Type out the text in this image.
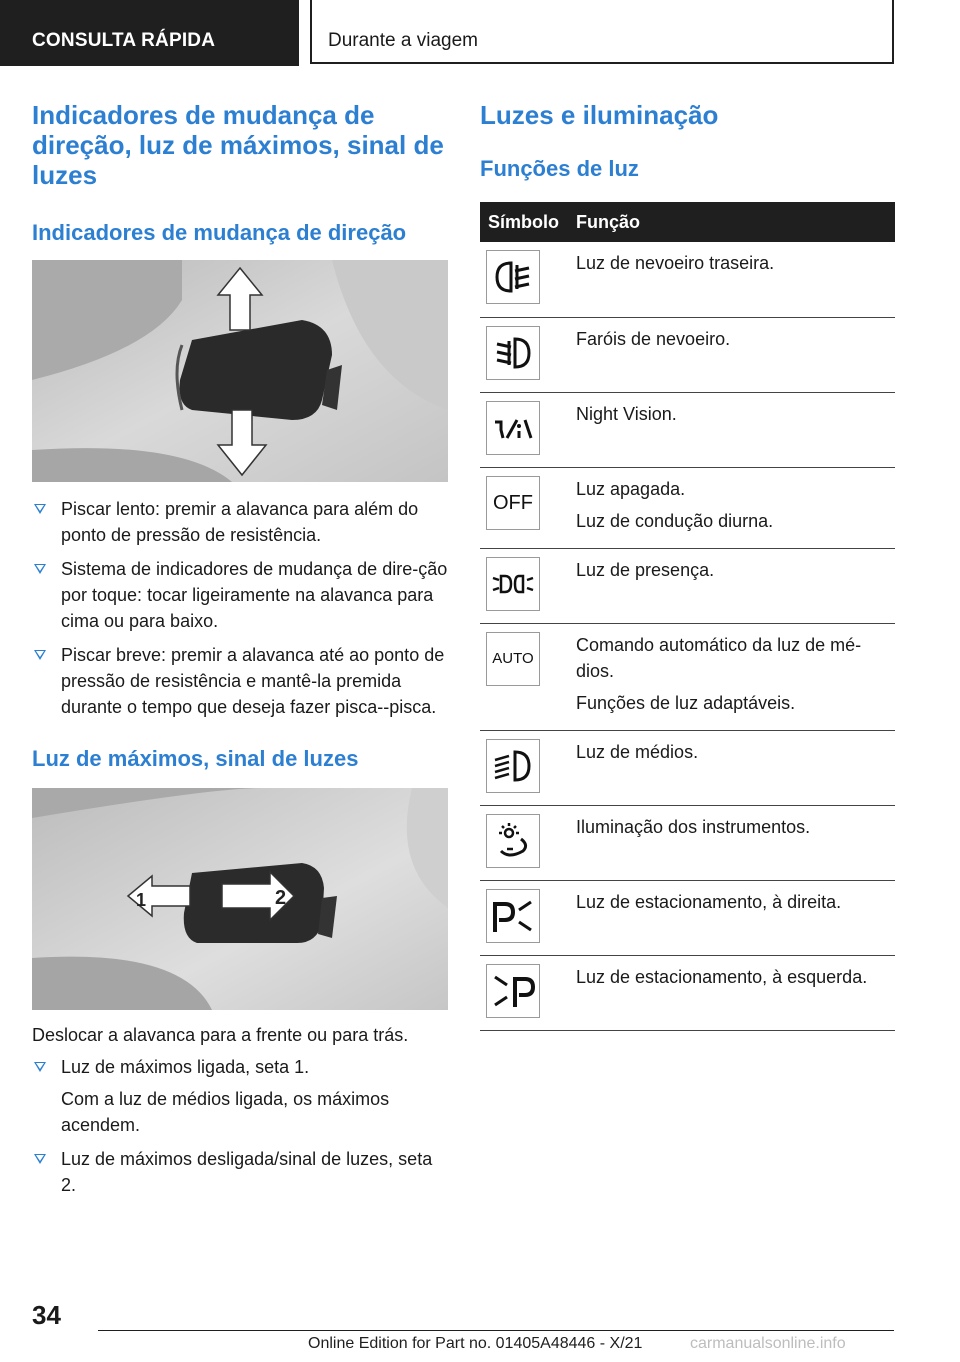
CONSULTA RÁPIDA	Durante a viagem
Indicadores de mudança de direção, luz de máximos, sinal de luzes
Indicadores de mudança de direção
Piscar lento: premir a alavanca para além do ponto de pressão de resistência.
Sistema de indicadores de mudança de dire-ção por toque: tocar ligeiramente na alavanca para cima ou para baixo.
Piscar breve: premir a alavanca até ao ponto de pressão de resistência e mantê-la premida durante o tempo que deseja fazer pisca--pisca.
Luz de máximos, sinal de luzes
1	2

Deslocar a alavanca para a frente ou para trás.

Luz de máximos ligada, seta 1.
Com a luz de médios ligada, os máximos acendem.
Luz de máximos desligada/sinal de luzes, seta 2.
Luzes e iluminação
Funções de luz
Símbolo	Função

Luz de nevoeiro traseira.

Faróis de nevoeiro.

Night Vision.

OFF	Luz apagada.

Luz de condução diurna.

Luz de presença.

AUTO	Comando automático da luz de mé-dios.

Funções de luz adaptáveis.

Luz de médios.

Iluminação dos instrumentos.

Luz de estacionamento, à direita.

Luz de estacionamento, à esquerda.

34
Online Edition for Part no. 01405A48446 - X/21	carmanualsonline.info
